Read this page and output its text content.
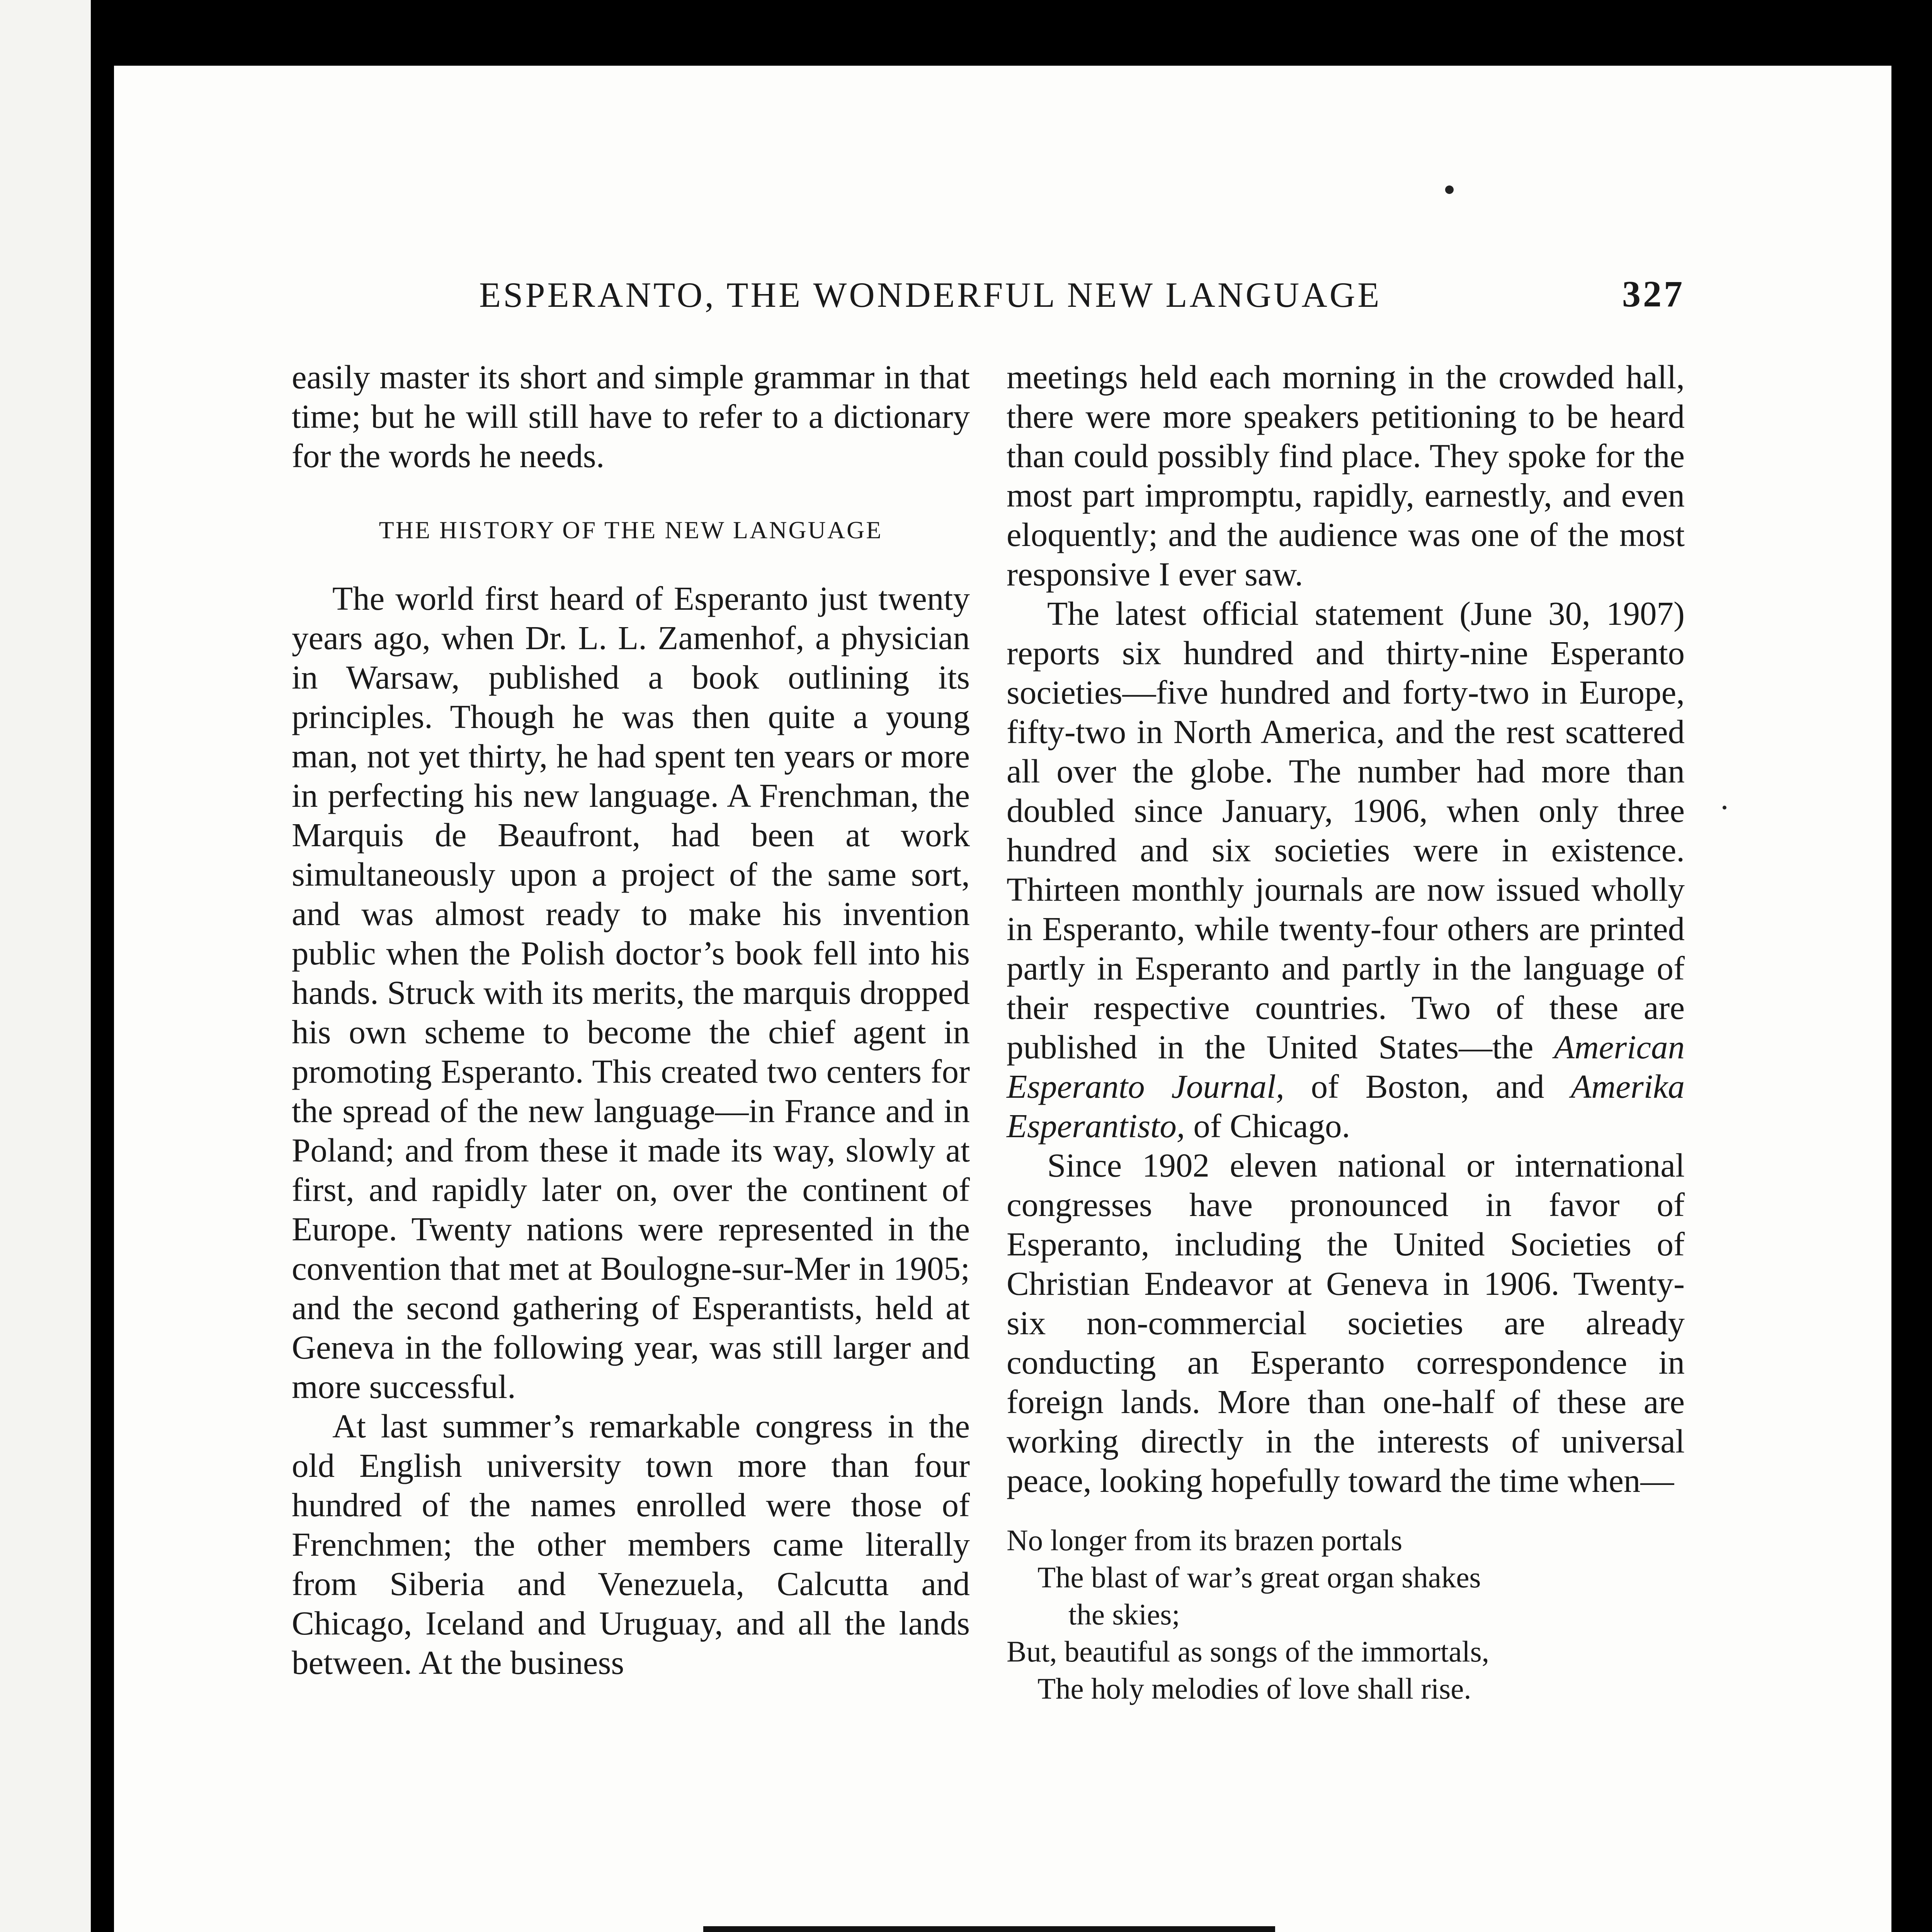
ESPERANTO, THE WONDERFUL NEW LANGUAGE	327

easily master its short and simple grammar in that time; but he will still have to refer to a dictionary for the words he needs.

THE HISTORY OF THE NEW LANGUAGE

The world first heard of Esperanto just twenty years ago, when Dr. L. L. Zamenhof, a physician in Warsaw, published a book outlining its principles. Though he was then quite a young man, not yet thirty, he had spent ten years or more in perfecting his new language. A Frenchman, the Marquis de Beaufront, had been at work simultaneously upon a project of the same sort, and was almost ready to make his invention public when the Polish doctor’s book fell into his hands. Struck with its merits, the marquis dropped his own scheme to become the chief agent in promoting Esperanto. This created two centers for the spread of the new language—in France and in Poland; and from these it made its way, slowly at first, and rapidly later on, over the continent of Europe. Twenty nations were represented in the convention that met at Boulogne-sur-Mer in 1905; and the second gathering of Esperantists, held at Geneva in the following year, was still larger and more successful.

At last summer’s remarkable congress in the old English university town more than four hundred of the names enrolled were those of Frenchmen; the other members came literally from Siberia and Venezuela, Calcutta and Chicago, Iceland and Uruguay, and all the lands between. At the business

meetings held each morning in the crowded hall, there were more speakers petitioning to be heard than could possibly find place. They spoke for the most part impromptu, rapidly, earnestly, and even eloquently; and the audience was one of the most responsive I ever saw.

The latest official statement (June 30, 1907) reports six hundred and thirty-nine Esperanto societies—five hundred and forty-two in Europe, fifty-two in North America, and the rest scattered all over the globe. The number had more than doubled since January, 1906, when only three hundred and six societies were in existence. Thirteen monthly journals are now issued wholly in Esperanto, while twenty-four others are printed partly in Esperanto and partly in the language of their respective countries. Two of these are published in the United States—the American Esperanto Journal, of Boston, and Amerika Esperantisto, of Chicago.

Since 1902 eleven national or international congresses have pronounced in favor of Esperanto, including the United Societies of Christian Endeavor at Geneva in 1906. Twenty-six non-commercial societies are already conducting an Esperanto correspondence in foreign lands. More than one-half of these are working directly in the interests of universal peace, looking hopefully toward the time when—

No longer from its brazen portals
The blast of war’s great organ shakes
the skies;
But, beautiful as songs of the immortals,
The holy melodies of love shall rise.
